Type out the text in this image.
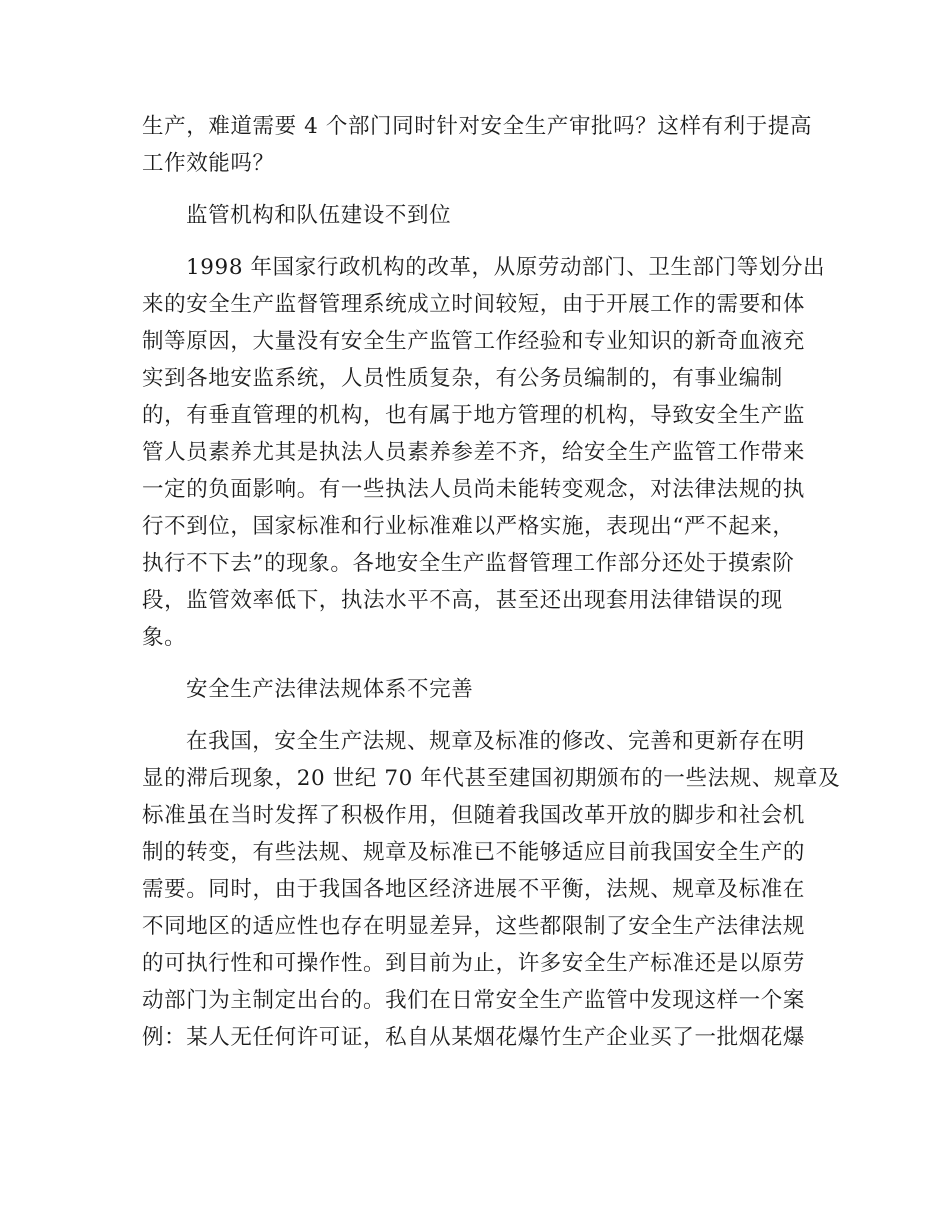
生产，难道需要 4 个部门同时针对安全生产审批吗？这样有利于提高
工作效能吗？
监管机构和队伍建设不到位
1998 年国家行政机构的改革，从原劳动部门、卫生部门等划分出
来的安全生产监督管理系统成立时间较短，由于开展工作的需要和体
制等原因，大量没有安全生产监管工作经验和专业知识的新奇血液充
实到各地安监系统，人员性质复杂，有公务员编制的，有事业编制
的，有垂直管理的机构，也有属于地方管理的机构，导致安全生产监
管人员素养尤其是执法人员素养参差不齐，给安全生产监管工作带来
一定的负面影响。有一些执法人员尚未能转变观念，对法律法规的执
行不到位，国家标准和行业标准难以严格实施，表现出“严不起来，
执行不下去”的现象。各地安全生产监督管理工作部分还处于摸索阶
段，监管效率低下，执法水平不高，甚至还出现套用法律错误的现
象。
安全生产法律法规体系不完善
在我国，安全生产法规、规章及标准的修改、完善和更新存在明
显的滞后现象，20 世纪 70 年代甚至建国初期颁布的一些法规、规章及
标准虽在当时发挥了积极作用，但随着我国改革开放的脚步和社会机
制的转变，有些法规、规章及标准已不能够适应目前我国安全生产的
需要。同时，由于我国各地区经济进展不平衡，法规、规章及标准在
不同地区的适应性也存在明显差异，这些都限制了安全生产法律法规
的可执行性和可操作性。到目前为止，许多安全生产标准还是以原劳
动部门为主制定出台的。我们在日常安全生产监管中发现这样一个案
例：某人无任何许可证，私自从某烟花爆竹生产企业买了一批烟花爆
